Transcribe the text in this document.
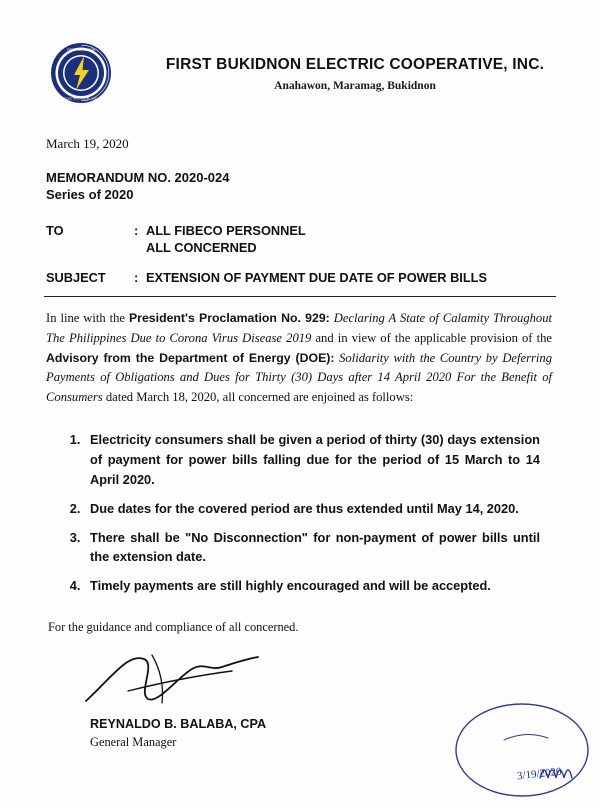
FIRST BUKIDNON
ELECTRIC COOP., INC.
FIRST BUKIDNON ELECTRIC COOPERATIVE, INC.
Anahawon, Maramag, Bukidnon
March 19, 2020
MEMORANDUM NO. 2020-024
Series of 2020
TO	: ALL FIBECO PERSONNEL
ALL CONCERNED
SUBJECT	: EXTENSION OF PAYMENT DUE DATE OF POWER BILLS

In line with the President's Proclamation No. 929: Declaring A State of Calamity Throughout The Philippines Due to Corona Virus Disease 2019 and in view of the applicable provision of the Advisory from the Department of Energy (DOE): Solidarity with the Country by Deferring Payments of Obligations and Dues for Thirty (30) Days after 14 April 2020 For the Benefit of Consumers dated March 18, 2020, all concerned are enjoined as follows:

1. Electricity consumers shall be given a period of thirty (30) days extension of payment for power bills falling due for the period of 15 March to 14 April 2020.
2. Due dates for the covered period are thus extended until May 14, 2020.
3. There shall be "No Disconnection" for non-payment of power bills until the extension date.
4. Timely payments are still highly encouraged and will be accepted.
For the guidance and compliance of all concerned.
REYNALDO B. BALABA, CPA
General Manager
3/19/2020
